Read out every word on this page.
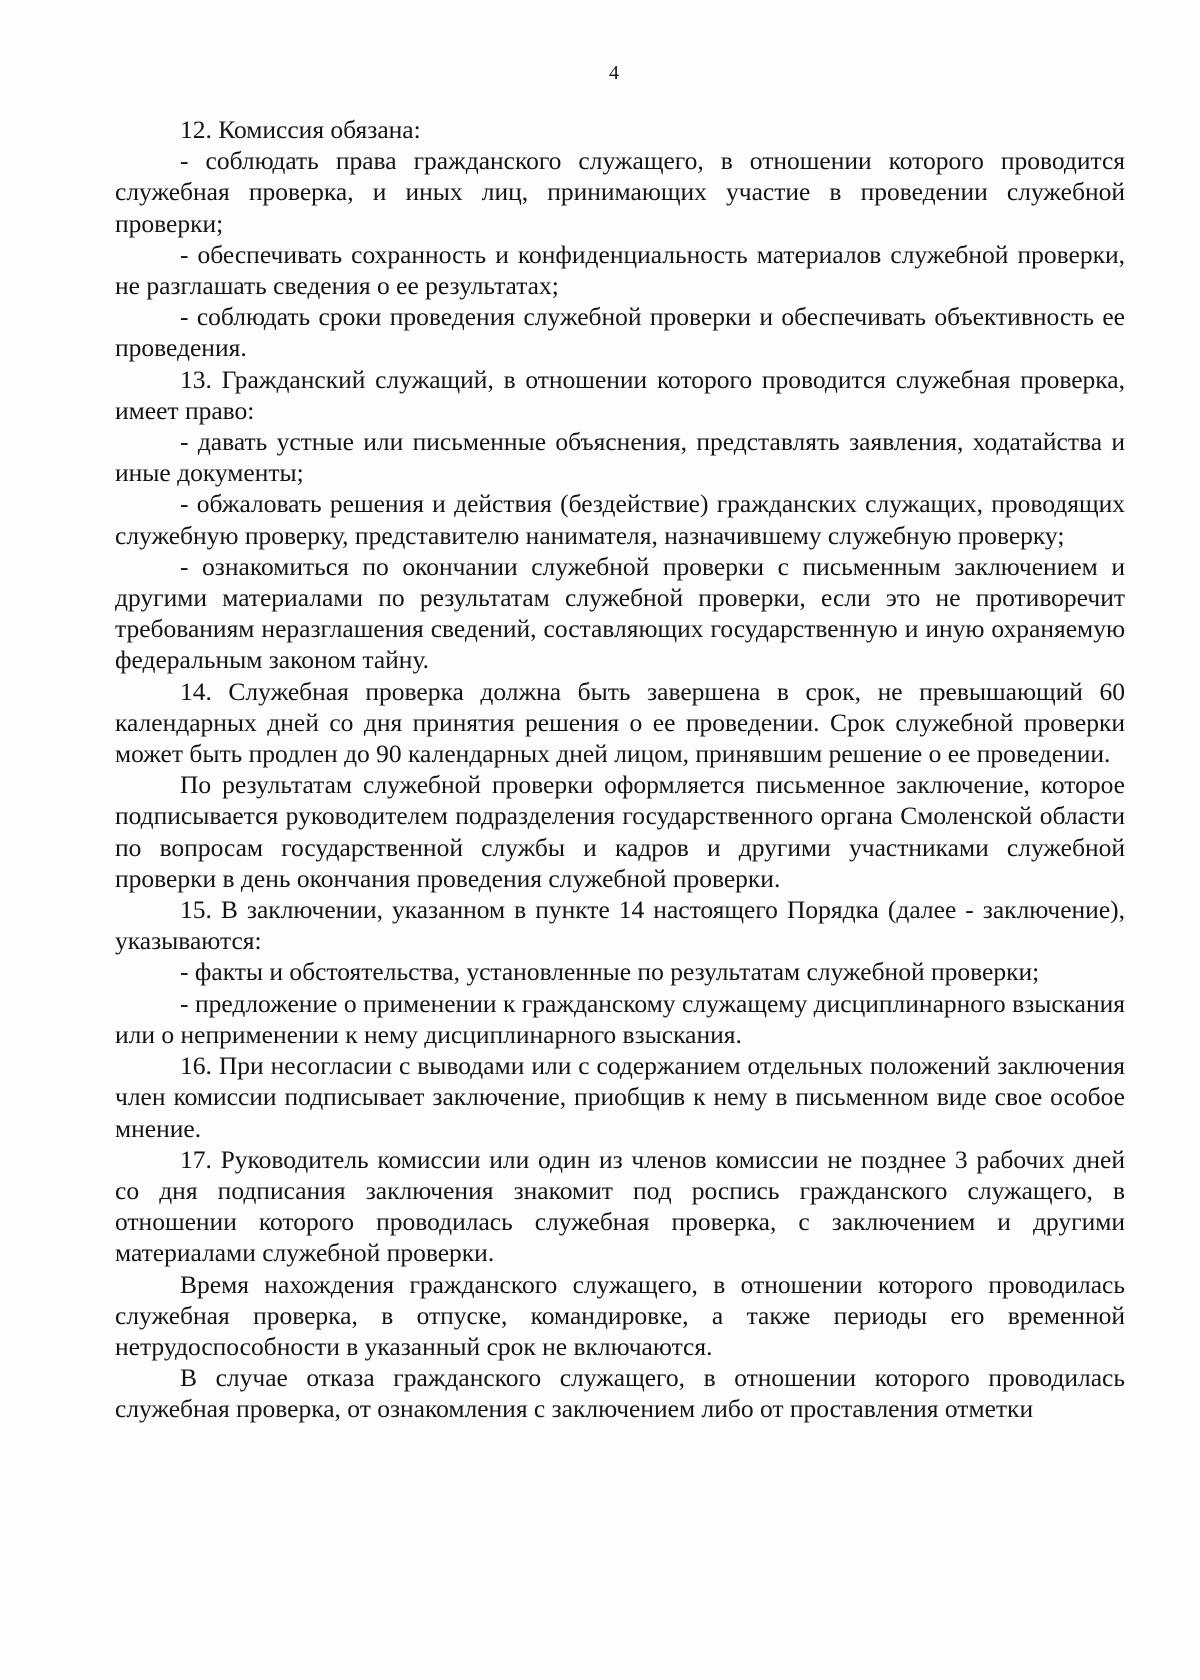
4

12. Комиссия обязана:

- соблюдать права гражданского служащего, в отношении которого проводится служебная проверка, и иных лиц, принимающих участие в проведении служебной проверки;

- обеспечивать сохранность и конфиденциальность материалов служебной проверки, не разглашать сведения о ее результатах;

- соблюдать сроки проведения служебной проверки и обеспечивать объективность ее проведения.

13. Гражданский служащий, в отношении которого проводится служебная проверка, имеет право:

- давать устные или письменные объяснения, представлять заявления, ходатайства и иные документы;

- обжаловать решения и действия (бездействие) гражданских служащих, проводящих служебную проверку, представителю нанимателя, назначившему служебную проверку;

- ознакомиться по окончании служебной проверки с письменным заключением и другими материалами по результатам служебной проверки, если это не противоречит требованиям неразглашения сведений, составляющих государственную и иную охраняемую федеральным законом тайну.

14. Служебная проверка должна быть завершена в срок, не превышающий 60 календарных дней со дня принятия решения о ее проведении. Срок служебной проверки может быть продлен до 90 календарных дней лицом, принявшим решение о ее проведении.

По результатам служебной проверки оформляется письменное заключение, которое подписывается руководителем подразделения государственного органа Смоленской области по вопросам государственной службы и кадров и другими участниками служебной проверки в день окончания проведения служебной проверки.

15. В заключении, указанном в пункте 14 настоящего Порядка (далее - заключение), указываются:

- факты и обстоятельства, установленные по результатам служебной проверки;

- предложение о применении к гражданскому служащему дисциплинарного взыскания или о неприменении к нему дисциплинарного взыскания.

16. При несогласии с выводами или с содержанием отдельных положений заключения член комиссии подписывает заключение, приобщив к нему в письменном виде свое особое мнение.

17. Руководитель комиссии или один из членов комиссии не позднее 3 рабочих дней со дня подписания заключения знакомит под роспись гражданского служащего, в отношении которого проводилась служебная проверка, с заключением и другими материалами служебной проверки.

Время нахождения гражданского служащего, в отношении которого проводилась служебная проверка, в отпуске, командировке, а также периоды его временной нетрудоспособности в указанный срок не включаются.

В случае отказа гражданского служащего, в отношении которого проводилась служебная проверка, от ознакомления с заключением либо от проставления отметки
